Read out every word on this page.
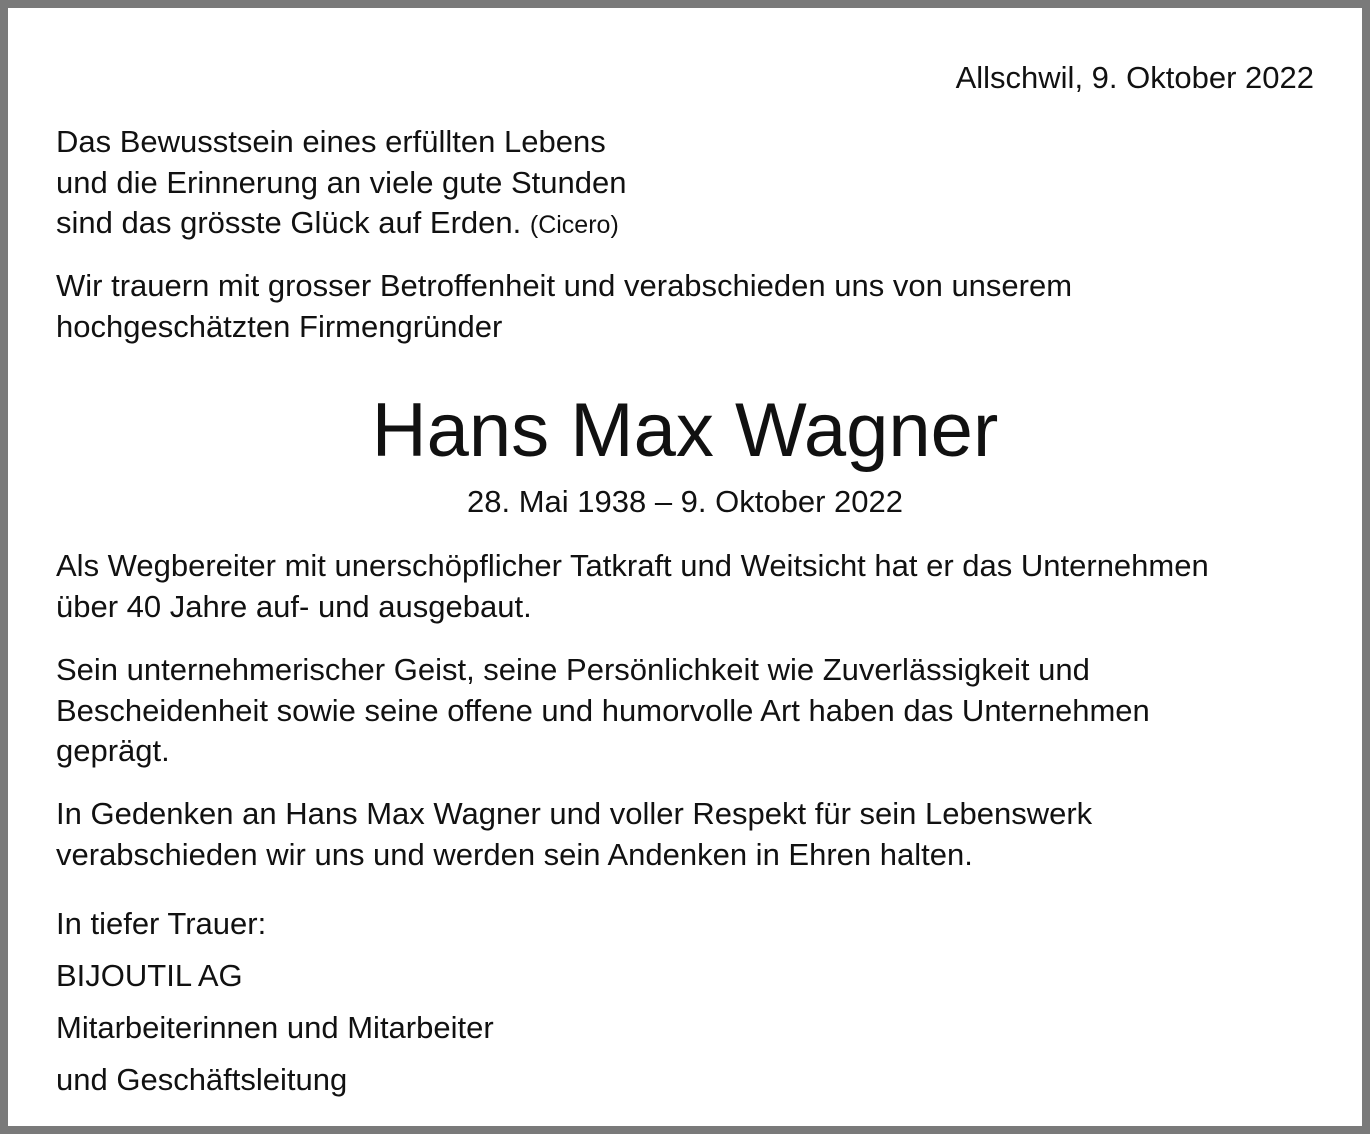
Allschwil, 9. Oktober 2022
Das Bewusstsein eines erfüllten Lebens
und die Erinnerung an viele gute Stunden
sind das grösste Glück auf Erden. (Cicero)
Wir trauern mit grosser Betroffenheit und verabschieden uns von unserem
hochgeschätzten Firmengründer
Hans Max Wagner
28. Mai 1938 – 9. Oktober 2022
Als Wegbereiter mit unerschöpflicher Tatkraft und Weitsicht hat er das Unternehmen
über 40 Jahre auf- und ausgebaut.
Sein unternehmerischer Geist, seine Persönlichkeit wie Zuverlässigkeit und
Bescheidenheit sowie seine offene und humorvolle Art haben das Unternehmen
geprägt.
In Gedenken an Hans Max Wagner und voller Respekt für sein Lebenswerk
verabschieden wir uns und werden sein Andenken in Ehren halten.
In tiefer Trauer:
BIJOUTIL AG
Mitarbeiterinnen und Mitarbeiter
und Geschäftsleitung
